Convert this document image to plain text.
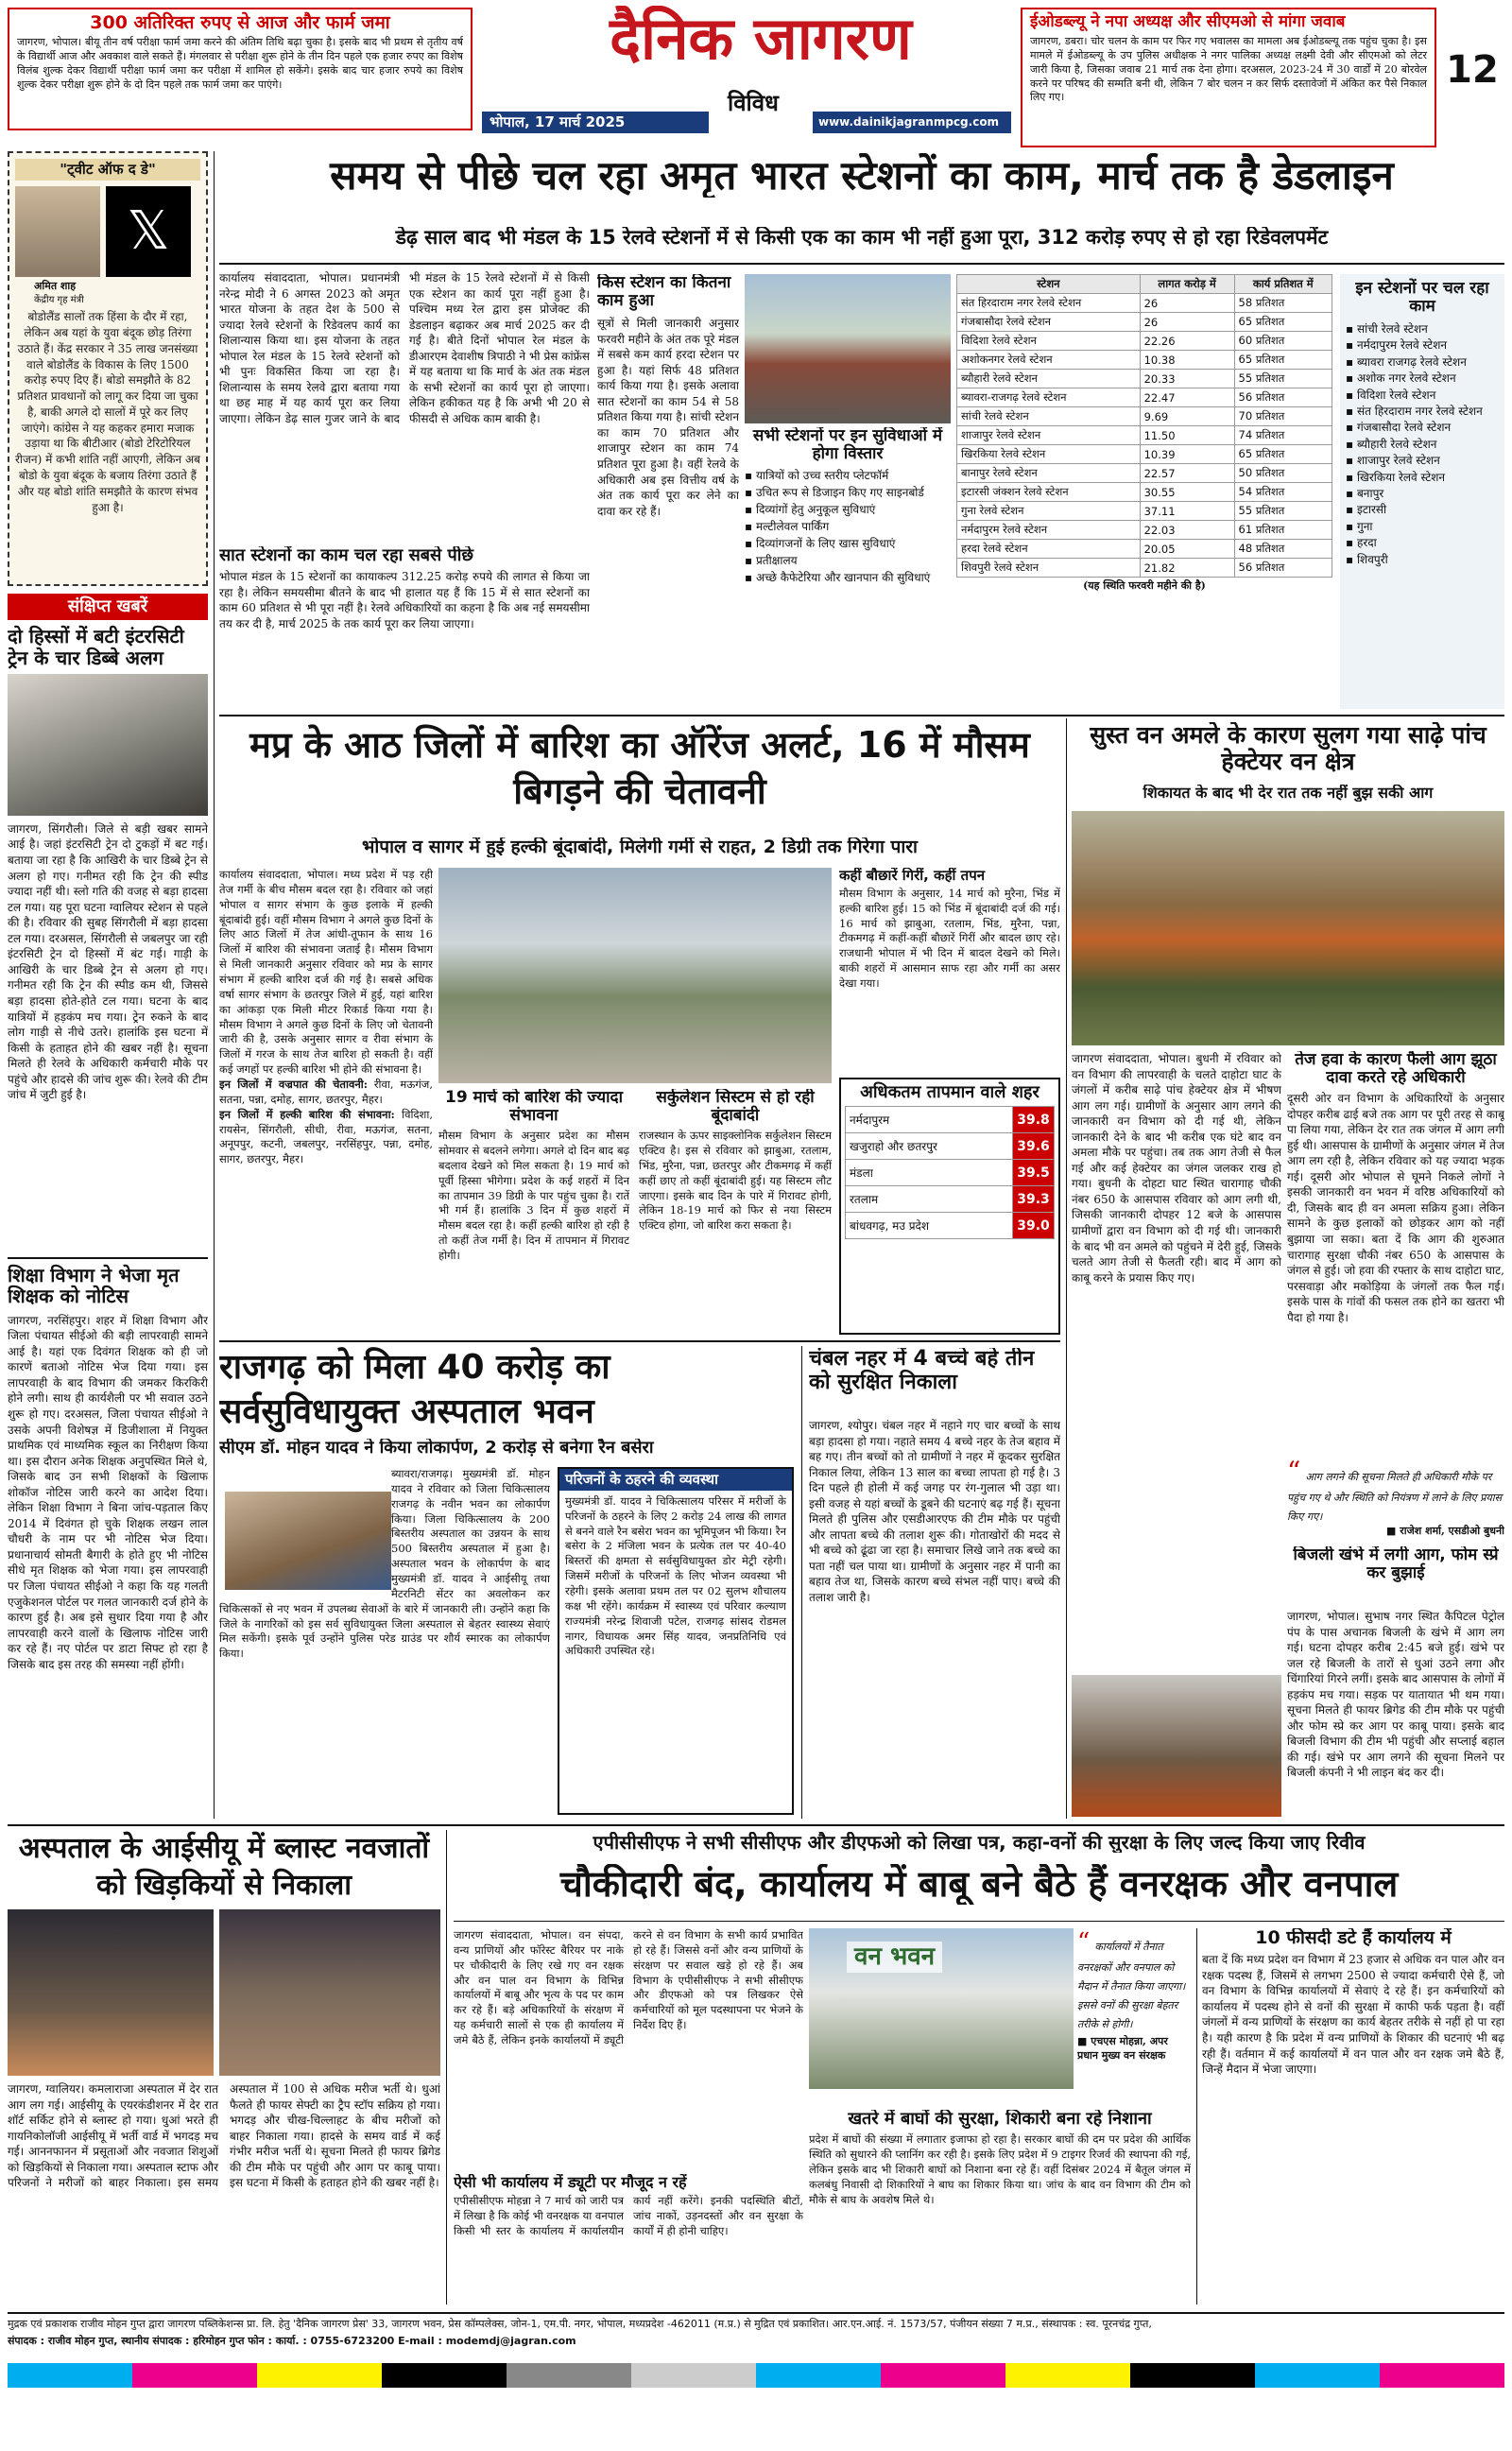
300 अतिरिक्त रुपए से आज और फार्म जमा
जागरण, भोपाल। बीयू तीन वर्ष परीक्षा फार्म जमा करने की अंतिम तिथि बढ़ा चुका है। इसके बाद भी प्रथम से तृतीय वर्ष के विद्यार्थी आज और अवकाश वाले सकते हैं। मंगलवार से परीक्षा शुरू होने के तीन दिन पहले एक हजार रुपए का विशेष विलंब शुल्क देकर विद्यार्थी परीक्षा फार्म जमा कर परीक्षा में शामिल हो सकेंगे। इसके बाद चार हजार रुपये का विशेष शुल्क देकर परीक्षा शुरू होने के दो दिन पहले तक फार्म जमा कर पाएंगे।
दैनिक जागरण
विविध
भोपाल, 17 मार्च 2025	www.dainikjagranmpcg.com
ईओडब्ल्यू ने नपा अध्यक्ष और सीएमओ से मांगा जवाब
जागरण, डबरा। चोर चलन के काम पर फिर गए भवालस का मामला अब ईओडब्ल्यू तक पहुंच चुका है। इस मामले में ईओडब्ल्यू के उप पुलिस अधीक्षक ने नगर पालिका अध्यक्ष लक्ष्मी देवी और सीएमओ को लेटर जारी किया है, जिसका जवाब 21 मार्च तक देना होगा। दरअसल, 2023-24 में 30 वार्डों में 20 बोरवेल करने पर परिषद की सम्मति बनी थी, लेकिन 7 बोर चलन न कर सिर्फ दस्तावेजों में अंकित कर पैसे निकाल लिए गए।
12
"ट्वीट ऑफ द डे"
𝕏
अमित शाह
केंद्रीय गृह मंत्री
बोडोलैंड सालों तक हिंसा के दौर में रहा, लेकिन अब यहां के युवा बंदूक छोड़ तिरंगा उठाते हैं। केंद्र सरकार ने 35 लाख जनसंख्या वाले बोडोलैंड के विकास के लिए 1500 करोड़ रुपए दिए हैं। बोडो समझौते के 82 प्रतिशत प्रावधानों को लागू कर दिया जा चुका है, बाकी अगले दो सालों में पूरे कर लिए जाएंगे। कांग्रेस ने यह कहकर हमारा मजाक उड़ाया था कि बीटीआर (बोडो टेरिटोरियल रीजन) में कभी शांति नहीं आएगी, लेकिन अब बोडो के युवा बंदूक के बजाय तिरंगा उठाते हैं और यह बोडो शांति समझौते के कारण संभव हुआ है।
संक्षिप्त खबरें
दो हिस्सों में बटी इंटरसिटी ट्रेन के चार डिब्बे अलग
जागरण, सिंगरौली। जिले से बड़ी खबर सामने आई है। जहां इंटरसिटी ट्रेन दो टुकड़ों में बट गई। बताया जा रहा है कि आखिरी के चार डिब्बे ट्रेन से अलग हो गए। गनीमत रही कि ट्रेन की स्पीड ज्यादा नहीं थी। स्लो गति की वजह से बड़ा हादसा टल गया। यह पूरा घटना ग्वालियर स्टेशन से पहले की है। रविवार की सुबह सिंगरौली में बड़ा हादसा टल गया। दरअसल, सिंगरौली से जबलपुर जा रही इंटरसिटी ट्रेन दो हिस्सों में बंट गई। गाड़ी के आखिरी के चार डिब्बे ट्रेन से अलग हो गए। गनीमत रही कि ट्रेन की स्पीड कम थी, जिससे बड़ा हादसा होते-होते टल गया। घटना के बाद यात्रियों में हड़कंप मच गया। ट्रेन रुकने के बाद लोग गाड़ी से नीचे उतरे। हालांकि इस घटना में किसी के हताहत होने की खबर नहीं है। सूचना मिलते ही रेलवे के अधिकारी कर्मचारी मौके पर पहुंचे और हादसे की जांच शुरू की। रेलवे की टीम जांच में जुटी हुई है।
शिक्षा विभाग ने भेजा मृत शिक्षक को नोटिस
जागरण, नरसिंहपुर। शहर में शिक्षा विभाग और जिला पंचायत सीईओ की बड़ी लापरवाही सामने आई है। यहां एक दिवंगत शिक्षक को ही जो कारणें बताओ नोटिस भेज दिया गया। इस लापरवाही के बाद विभाग की जमकर किरकिरी होने लगी। साथ ही कार्यशैली पर भी सवाल उठने शुरू हो गए। दरअसल, जिला पंचायत सीईओ ने उसके अपनी विशेषज्ञ में डिजीशाला में नियुक्त प्राथमिक एवं माध्यमिक स्कूल का निरीक्षण किया था। इस दौरान अनेक शिक्षक अनुपस्थित मिले थे, जिसके बाद उन सभी शिक्षकों के खिलाफ शोकॉज नोटिस जारी करने का आदेश दिया। लेकिन शिक्षा विभाग ने बिना जांच-पड़ताल किए 2014 में दिवंगत हो चुके शिक्षक लखन लाल चौधरी के नाम पर भी नोटिस भेज दिया। प्रधानाचार्य सोमती बैगारी के होते हुए भी नोटिस सीधे मृत शिक्षक को भेजा गया। इस लापरवाही पर जिला पंचायत सीईओ ने कहा कि यह गलती एजुकेशनल पोर्टल पर गलत जानकारी दर्ज होने के कारण हुई है। अब इसे सुधार दिया गया है और लापरवाही करने वालों के खिलाफ नोटिस जारी कर रहे हैं। नए पोर्टल पर डाटा सिफ्ट हो रहा है जिसके बाद इस तरह की समस्या नहीं होंगी।
समय से पीछे चल रहा अमृत भारत स्टेशनों का काम, मार्च तक है डेडलाइन
डेढ़ साल बाद भी मंडल के 15 रेलवे स्टेशनों में से किसी एक का काम भी नहीं हुआ पूरा, 312 करोड़ रुपए से हो रहा रिडेवलपमेंट
कार्यालय संवाददाता, भोपाल। प्रधानमंत्री नरेन्द्र मोदी ने 6 अगस्त 2023 को अमृत भारत योजना के तहत देश के 500 से ज्यादा रेलवे स्टेशनों के रिडेवलप कार्य का शिलान्यास किया था। इस योजना के तहत भोपाल रेल मंडल के 15 रेलवे स्टेशनों को भी पुनः विकसित किया जा रहा है। शिलान्यास के समय रेलवे द्वारा बताया गया था छह माह में यह कार्य पूरा कर लिया जाएगा। लेकिन डेढ़ साल गुजर जाने के बाद भी मंडल के 15 रेलवे स्टेशनों में से किसी एक स्टेशन का कार्य पूरा नहीं हुआ है। पश्चिम मध्य रेल द्वारा इस प्रोजेक्ट की डेडलाइन बढ़ाकर अब मार्च 2025 कर दी गई है। बीते दिनों भोपाल रेल मंडल के डीआरएम देवाशीष त्रिपाठी ने भी प्रेस कांफ्रेंस में यह बताया था कि मार्च के अंत तक मंडल के सभी स्टेशनों का कार्य पूरा हो जाएगा। लेकिन हकीकत यह है कि अभी भी 20 से फीसदी से अधिक काम बाकी है।
सात स्टेशनों का काम चल रहा सबसे पीछे
भोपाल मंडल के 15 स्टेशनों का कायाकल्प 312.25 करोड़ रुपये की लागत से किया जा रहा है। लेकिन समयसीमा बीतने के बाद भी हालात यह हैं कि 15 में से सात स्टेशनों का काम 60 प्रतिशत से भी पूरा नहीं है। रेलवे अधिकारियों का कहना है कि अब नई समयसीमा तय कर दी है, मार्च 2025 के तक कार्य पूरा कर लिया जाएगा।
किस स्टेशन का कितना काम हुआ
सूत्रों से मिली जानकारी अनुसार फरवरी महीने के अंत तक पूरे मंडल में सबसे कम कार्य हरदा स्टेशन पर हुआ है। यहां सिर्फ 48 प्रतिशत कार्य किया गया है। इसके अलावा सात स्टेशनों का काम 54 से 58 प्रतिशत किया गया है। सांची स्टेशन का काम 70 प्रतिशत और शाजापुर स्टेशन का काम 74 प्रतिशत पूरा हुआ है। वहीं रेलवे के अधिकारी अब इस वित्तीय वर्ष के अंत तक कार्य पूरा कर लेने का दावा कर रहे हैं।
सभी स्टेशनों पर इन सुविधाओं में होगा विस्तार
▪ यात्रियों को उच्च स्तरीय प्लेटफॉर्म
▪ उचित रूप से डिजाइन किए गए साइनबोर्ड
▪ दिव्यांगों हेतु अनुकूल सुविधाएं
▪ मल्टीलेवल पार्किंग
▪ दिव्यांगजनों के लिए खास सुविधाएं
▪ प्रतीक्षालय
▪ अच्छे कैफेटेरिया और खानपान की सुविधाएं
स्टेशन	लागत करोड़ में	कार्य प्रतिशत में
संत हिरदाराम नगर रेलवे स्टेशन	26	58 प्रतिशत
गंजबासौदा रेलवे स्टेशन	26	65 प्रतिशत
विदिशा रेलवे स्टेशन	22.26	60 प्रतिशत
अशोकनगर रेलवे स्टेशन	10.38	65 प्रतिशत
ब्यौहारी रेलवे स्टेशन	20.33	55 प्रतिशत
ब्यावरा-राजगढ़ रेलवे स्टेशन	22.47	56 प्रतिशत
सांची रेलवे स्टेशन	9.69	70 प्रतिशत
शाजापुर रेलवे स्टेशन	11.50	74 प्रतिशत
खिरकिया रेलवे स्टेशन	10.39	65 प्रतिशत
बानापुर रेलवे स्टेशन	22.57	50 प्रतिशत
इटारसी जंक्शन रेलवे स्टेशन	30.55	54 प्रतिशत
गुना रेलवे स्टेशन	37.11	55 प्रतिशत
नर्मदापुरम रेलवे स्टेशन	22.03	61 प्रतिशत
हरदा रेलवे स्टेशन	20.05	48 प्रतिशत
शिवपुरी रेलवे स्टेशन	21.82	56 प्रतिशत
(यह स्थिति फरवरी महीने की है)
इन स्टेशनों पर चल रहा काम
▪ सांची रेलवे स्टेशन
▪ नर्मदापुरम रेलवे स्टेशन
▪ ब्यावरा राजगढ़ रेलवे स्टेशन
▪ अशोक नगर रेलवे स्टेशन
▪ विदिशा रेलवे स्टेशन
▪ संत हिरदाराम नगर रेलवे स्टेशन
▪ गंजबासौदा रेलवे स्टेशन
▪ ब्यौहारी रेलवे स्टेशन
▪ शाजापुर रेलवे स्टेशन
▪ खिरकिया रेलवे स्टेशन
▪ बनापुर
▪ इटारसी
▪ गुना
▪ हरदा
▪ शिवपुरी
मप्र के आठ जिलों में बारिश का ऑरेंज अलर्ट, 16 में मौसम बिगड़ने की चेतावनी
भोपाल व सागर में हुई हल्की बूंदाबांदी, मिलेगी गर्मी से राहत, 2 डिग्री तक गिरेगा पारा
कार्यालय संवाददाता, भोपाल। मध्य प्रदेश में पड़ रही तेज गर्मी के बीच मौसम बदल रहा है। रविवार को जहां भोपाल व सागर संभाग के कुछ इलाके में हल्की बूंदाबांदी हुई। वहीं मौसम विभाग ने अगले कुछ दिनों के लिए आठ जिलों में तेज आंधी-तूफान के साथ 16 जिलों में बारिश की संभावना जताई है। मौसम विभाग से मिली जानकारी अनुसार रविवार को मप्र के सागर संभाग में हल्की बारिश दर्ज की गई है। सबसे अधिक वर्षा सागर संभाग के छतरपुर जिले में हुई, यहां बारिश का आंकड़ा एक मिली मीटर रिकार्ड किया गया है। मौसम विभाग ने अगले कुछ दिनों के लिए जो चेतावनी जारी की है, उसके अनुसार सागर व रीवा संभाग के जिलों में गरज के साथ तेज बारिश हो सकती है। वहीं कई जगहों पर हल्की बारिश भी होने की संभावना है।
इन जिलों में वज्रपात की चेतावनी: रीवा, मऊगंज, सतना, पन्ना, दमोह, सागर, छतरपुर, मैहर।
इन जिलों में हल्की बारिश की संभावना: विदिशा, रायसेन, सिंगरौली, सीधी, रीवा, मऊगंज, सतना, अनूपपुर, कटनी, जबलपुर, नरसिंहपुर, पन्ना, दमोह, सागर, छतरपुर, मैहर।
19 मार्च को बारिश की ज्यादा संभावना
मौसम विभाग के अनुसार प्रदेश का मौसम सोमवार से बदलने लगेगा। अगले दो दिन बाद बढ़ बदलाव देखने को मिल सकता है। 19 मार्च को पूर्वी हिस्सा भीगेगा। प्रदेश के कई शहरों में दिन का तापमान 39 डिग्री के पार पहुंच चुका है। रातें भी गर्म हैं। हालांकि 3 दिन में कुछ शहरों में मौसम बदल रहा है। कहीं हल्की बारिश हो रही है तो कहीं तेज गर्मी है। दिन में तापमान में गिरावट होगी।
सर्कुलेशन सिस्टम से हो रही बूंदाबांदी
राजस्थान के ऊपर साइक्लोनिक सर्कुलेशन सिस्टम एक्टिव है। इस से रविवार को झाबुआ, रतलाम, भिंड, मुरैना, पन्ना, छतरपुर और टीकमगढ़ में कहीं कहीं छाए तो कहीं बूंदाबांदी हुई। यह सिस्टम लौट जाएगा। इसके बाद दिन के पारे में गिरावट होगी, लेकिन 18-19 मार्च को फिर से नया सिस्टम एक्टिव होगा, जो बारिश करा सकता है।
कहीं बौछारें गिरीं, कहीं तपन
मौसम विभाग के अनुसार, 14 मार्च को मुरैना, भिंड में हल्की बारिश हुई। 15 को भिंड में बूंदाबांदी दर्ज की गई। 16 मार्च को झाबुआ, रतलाम, भिंड, मुरैना, पन्ना, टीकमगढ़ में कहीं-कहीं बौछारें गिरीं और बादल छाए रहे। राजधानी भोपाल में भी दिन में बादल देखने को मिले। बाकी शहरों में आसमान साफ रहा और गर्मी का असर देखा गया।
अधिकतम तापमान वाले शहर
नर्मदापुरम	39.8
खजुराहो और छतरपुर	39.6
मंडला	39.5
रतलाम	39.3
बांधवगढ़, मउ प्रदेश	39.0
सुस्त वन अमले के कारण सुलग गया साढ़े पांच हेक्टेयर वन क्षेत्र
शिकायत के बाद भी देर रात तक नहीं बुझ सकी आग
जागरण संवाददाता, भोपाल। बुधनी में रविवार को वन विभाग की लापरवाही के चलते दाहोटा घाट के जंगलों में करीब साढ़े पांच हेक्टेयर क्षेत्र में भीषण आग लग गई। ग्रामीणों के अनुसार आग लगने की जानकारी वन विभाग को दी गई थी, लेकिन जानकारी देने के बाद भी करीब एक घंटे बाद वन अमला मौके पर पहुंचा। तब तक आग तेजी से फैल गई और कई हेक्टेयर का जंगल जलकर राख हो गया। बुधनी के दोहटा घाट स्थित चारागाह चौकी नंबर 650 के आसपास रविवार को आग लगी थी, जिसकी जानकारी दोपहर 12 बजे के आसपास ग्रामीणों द्वारा वन विभाग को दी गई थी। जानकारी के बाद भी वन अमले को पहुंचने में देरी हुई, जिसके चलते आग तेजी से फैलती रही। बाद में आग को काबू करने के प्रयास किए गए।
तेज हवा के कारण फैली आग झूठा दावा करते रहे अधिकारी
दूसरी ओर वन विभाग के अधिकारियों के अनुसार दोपहर करीब ढाई बजे तक आग पर पूरी तरह से काबू पा लिया गया, लेकिन देर रात तक जंगल में आग लगी हुई थी। आसपास के ग्रामीणों के अनुसार जंगल में तेज आग लग रही है, लेकिन रविवार को यह ज्यादा भड़क गई। दूसरी ओर भोपाल से घूमने निकले लोगों ने इसकी जानकारी वन भवन में वरिष्ठ अधिकारियों को दी, जिसके बाद ही वन अमला सक्रिय हुआ। लेकिन सामने के कुछ इलाकों को छोड़कर आग को नहीं बुझाया जा सका। बता दें कि आग की शुरुआत चारागाह सुरक्षा चौकी नंबर 650 के आसपास के जंगल से हुई। जो हवा की रफ्तार के साथ दाहोटा घाट, परसवाड़ा और मकोड़िया के जंगलों तक फैल गई। इसके पास के गांवों की फसल तक होने का खतरा भी पैदा हो गया है।
“ आग लगने की सूचना मिलते ही अधिकारी मौके पर पहुंच गए थे और स्थिति को नियंत्रण में लाने के लिए प्रयास किए गए।
■ राजेश शर्मा, एसडीओ बुधनी
बिजली खंभे में लगी आग, फोम स्प्रे कर बुझाई
जागरण, भोपाल। सुभाष नगर स्थित कैपिटल पेट्रोल पंप के पास अचानक बिजली के खंभे में आग लग गई। घटना दोपहर करीब 2:45 बजे हुई। खंभे पर जल रहे बिजली के तारों से धुआं उठने लगा और चिंगारियां गिरने लगीं। इसके बाद आसपास के लोगों में हड़कंप मच गया। सड़क पर यातायात भी थम गया। सूचना मिलते ही फायर ब्रिगेड की टीम मौके पर पहुंची और फोम स्प्रे कर आग पर काबू पाया। इसके बाद बिजली विभाग की टीम भी पहुंची और सप्लाई बहाल की गई। खंभे पर आग लगने की सूचना मिलने पर बिजली कंपनी ने भी लाइन बंद कर दी।
राजगढ़ को मिला 40 करोड़ का सर्वसुविधायुक्त अस्पताल भवन
सीएम डॉ. मोहन यादव ने किया लोकार्पण, 2 करोड़ से बनेगा रैन बसेरा
ब्यावरा/राजगढ़। मुख्यमंत्री डॉ. मोहन यादव ने रविवार को जिला चिकित्सालय राजगढ़ के नवीन भवन का लोकार्पण किया। जिला चिकित्सालय के 200 बिस्तरीय अस्पताल का उन्नयन के साथ 500 बिस्तरीय अस्पताल में हुआ है। अस्पताल भवन के लोकार्पण के बाद मुख्यमंत्री डॉ. यादव ने आईसीयू तथा मैटरनिटी सेंटर का अवलोकन कर चिकित्सकों से नए भवन में उपलब्ध सेवाओं के बारे में जानकारी ली। उन्होंने कहा कि जिले के नागरिकों को इस सर्व सुविधायुक्त जिला अस्पताल से बेहतर स्वास्थ्य सेवाएं मिल सकेंगी। इसके पूर्व उन्होंने पुलिस परेड ग्राउंड पर शौर्य स्मारक का लोकार्पण किया।
परिजनों के ठहरने की व्यवस्था
मुख्यमंत्री डॉ. यादव ने चिकित्सालय परिसर में मरीजों के परिजनों के ठहरने के लिए 2 करोड़ 24 लाख की लागत से बनने वाले रैन बसेरा भवन का भूमिपूजन भी किया। रैन बसेरा के 2 मंजिला भवन के प्रत्येक तल पर 40-40 बिस्तरों की क्षमता से सर्वसुविधायुक्त डोर मेट्री रहेगी। जिसमें मरीजों के परिजनों के लिए भोजन व्यवस्था भी रहेगी। इसके अलावा प्रथम तल पर 02 सुलभ शौचालय कक्ष भी रहेंगे। कार्यक्रम में स्वास्थ्य एवं परिवार कल्याण राज्यमंत्री नरेन्द्र शिवाजी पटेल, राजगढ़ सांसद रोडमल नागर, विधायक अमर सिंह यादव, जनप्रतिनिधि एवं अधिकारी उपस्थित रहे।
चंबल नहर में 4 बच्चे बहे तीन को सुरक्षित निकाला
जागरण, श्योपुर। चंबल नहर में नहाने गए चार बच्चों के साथ बड़ा हादसा हो गया। नहाते समय 4 बच्चे नहर के तेज बहाव में बह गए। तीन बच्चों को तो ग्रामीणों ने नहर में कूदकर सुरक्षित निकाल लिया, लेकिन 13 साल का बच्चा लापता हो गई है। 3 दिन पहले ही होली में कई जगह पर रंग-गुलाल भी उड़ा था। इसी वजह से यहां बच्चों के डूबने की घटनाएं बढ़ गई हैं। सूचना मिलते ही पुलिस और एसडीआरएफ की टीम मौके पर पहुंची और लापता बच्चे की तलाश शुरू की। गोताखोरों की मदद से भी बच्चे को ढूंढा जा रहा है। समाचार लिखे जाने तक बच्चे का पता नहीं चल पाया था। ग्रामीणों के अनुसार नहर में पानी का बहाव तेज था, जिसके कारण बच्चे संभल नहीं पाए। बच्चे की तलाश जारी है।
अस्पताल के आईसीयू में ब्लास्ट नवजातों को खिड़कियों से निकाला
जागरण, ग्वालियर। कमलाराजा अस्पताल में देर रात आग लग गई। आईसीयू के एयरकंडीशनर में देर रात शॉर्ट सर्किट होने से ब्लास्ट हो गया। धुआं भरते ही गायनिकोलॉजी आईसीयू में भर्ती वार्ड में भगदड़ मच गई। आननफानन में प्रसूताओं और नवजात शिशुओं को खिड़कियों से निकाला गया। अस्पताल स्टाफ और परिजनों ने मरीजों को बाहर निकाला। इस समय अस्पताल में 100 से अधिक मरीज भर्ती थे। धुआं फैलते ही फायर सेफ्टी का ट्रैप स्टॉप सक्रिय हो गया। भगदड़ और चीख-चिल्लाहट के बीच मरीजों को बाहर निकाला गया। हादसे के समय वार्ड में कई गंभीर मरीज भर्ती थे। सूचना मिलते ही फायर ब्रिगेड की टीम मौके पर पहुंची और आग पर काबू पाया। इस घटना में किसी के हताहत होने की खबर नहीं है।
एपीसीसीएफ ने सभी सीसीएफ और डीएफओ को लिखा पत्र, कहा-वनों की सुरक्षा के लिए जल्द किया जाए रिवीव
चौकीदारी बंद, कार्यालय में बाबू बने बैठे हैं वनरक्षक और वनपाल
जागरण संवाददाता, भोपाल। वन संपदा, वन्य प्राणियों और फॉरेस्ट बैरियर पर नाके पर चौकीदारी के लिए रखे गए वन रक्षक और वन पाल वन विभाग के विभिन्न कार्यालयों में बाबू और भृत्य के पद पर काम कर रहे हैं। बड़े अधिकारियों के संरक्षण में यह कर्मचारी सालों से एक ही कार्यालय में जमे बैठे हैं, लेकिन इनके कार्यालयों में ड्यूटी करने से वन विभाग के सभी कार्य प्रभावित हो रहे हैं। जिससे वनों और वन्य प्राणियों के संरक्षण पर सवाल खड़े हो रहे हैं। अब विभाग के एपीसीसीएफ ने सभी सीसीएफ और डीएफओ को पत्र लिखकर ऐसे कर्मचारियों को मूल पदस्थापना पर भेजने के निर्देश दिए हैं।
ऐसी भी कार्यालय में ड्यूटी पर मौजूद न रहें
एपीसीसीएफ मोहन्ना ने 7 मार्च को जारी पत्र में लिखा है कि कोई भी वनरक्षक या वनपाल किसी भी स्तर के कार्यालय में कार्यालयीन कार्य नहीं करेंगे। इनकी पदस्थिति बीटों, जांच नाकों, उड़नदस्तों और वन सुरक्षा के कार्यों में ही होनी चाहिए।
वन भवन	“ कार्यालयों में तैनात वनरक्षकों और वनपाल को मैदान में तैनात किया जाएगा। इससे वनों की सुरक्षा बेहतर तरीके से होगी।
■ एचएस मोहन्ना, अपर प्रधान मुख्य वन संरक्षक
खतरे में बाघों की सुरक्षा, शिकारी बना रहे निशाना
प्रदेश में बाघों की संख्या में लगातार इजाफा हो रहा है। सरकार बाघों की दम पर प्रदेश की आर्थिक स्थिति को सुधारने की प्लानिंग कर रही है। इसके लिए प्रदेश में 9 टाइगर रिजर्व की स्थापना की गई, लेकिन इसके बाद भी शिकारी बाघों को निशाना बना रहे हैं। वहीं दिसंबर 2024 में बैतूल जंगल में कलबंधु निवासी दो शिकारियों ने बाघ का शिकार किया था। जांच के बाद वन विभाग की टीम को मौके से बाघ के अवशेष मिले थे।
10 फीसदी डटे हैं कार्यालय में
बता दें कि मध्य प्रदेश वन विभाग में 23 हजार से अधिक वन पाल और वन रक्षक पदस्थ हैं, जिसमें से लगभग 2500 से ज्यादा कर्मचारी ऐसे हैं, जो वन विभाग के विभिन्न कार्यालयों में सेवाएं दे रहे हैं। इन कर्मचारियों को कार्यालय में पदस्थ होने से वनों की सुरक्षा में काफी फर्क पड़ता है। वहीं जंगलों में वन्य प्राणियों के संरक्षण का कार्य बेहतर तरीके से नहीं हो पा रहा है। यही कारण है कि प्रदेश में वन्य प्राणियों के शिकार की घटनाएं भी बढ़ रही हैं। वर्तमान में कई कार्यालयों में वन पाल और वन रक्षक जमे बैठे हैं, जिन्हें मैदान में भेजा जाएगा।
मुद्रक एवं प्रकाशक राजीव मोहन गुप्त द्वारा जागरण पब्लिकेशन्स प्रा. लि. हेतु 'दैनिक जागरण प्रेस' 33, जागरण भवन, प्रेस कॉम्पलेक्स, जोन-1, एम.पी. नगर, भोपाल, मध्यप्रदेश -462011 (म.प्र.) से मुद्रित एवं प्रकाशित। आर.एन.आई. नं. 1573/57, पंजीयन संख्या 7 म.प्र., संस्थापक : स्व. पूरनचंद्र गुप्त,
संपादक : राजीव मोहन गुप्त, स्थानीय संपादक : हरिमोहन गुप्त फोन : कार्या. : 0755-6723200 E-mail : modemdj@jagran.com
